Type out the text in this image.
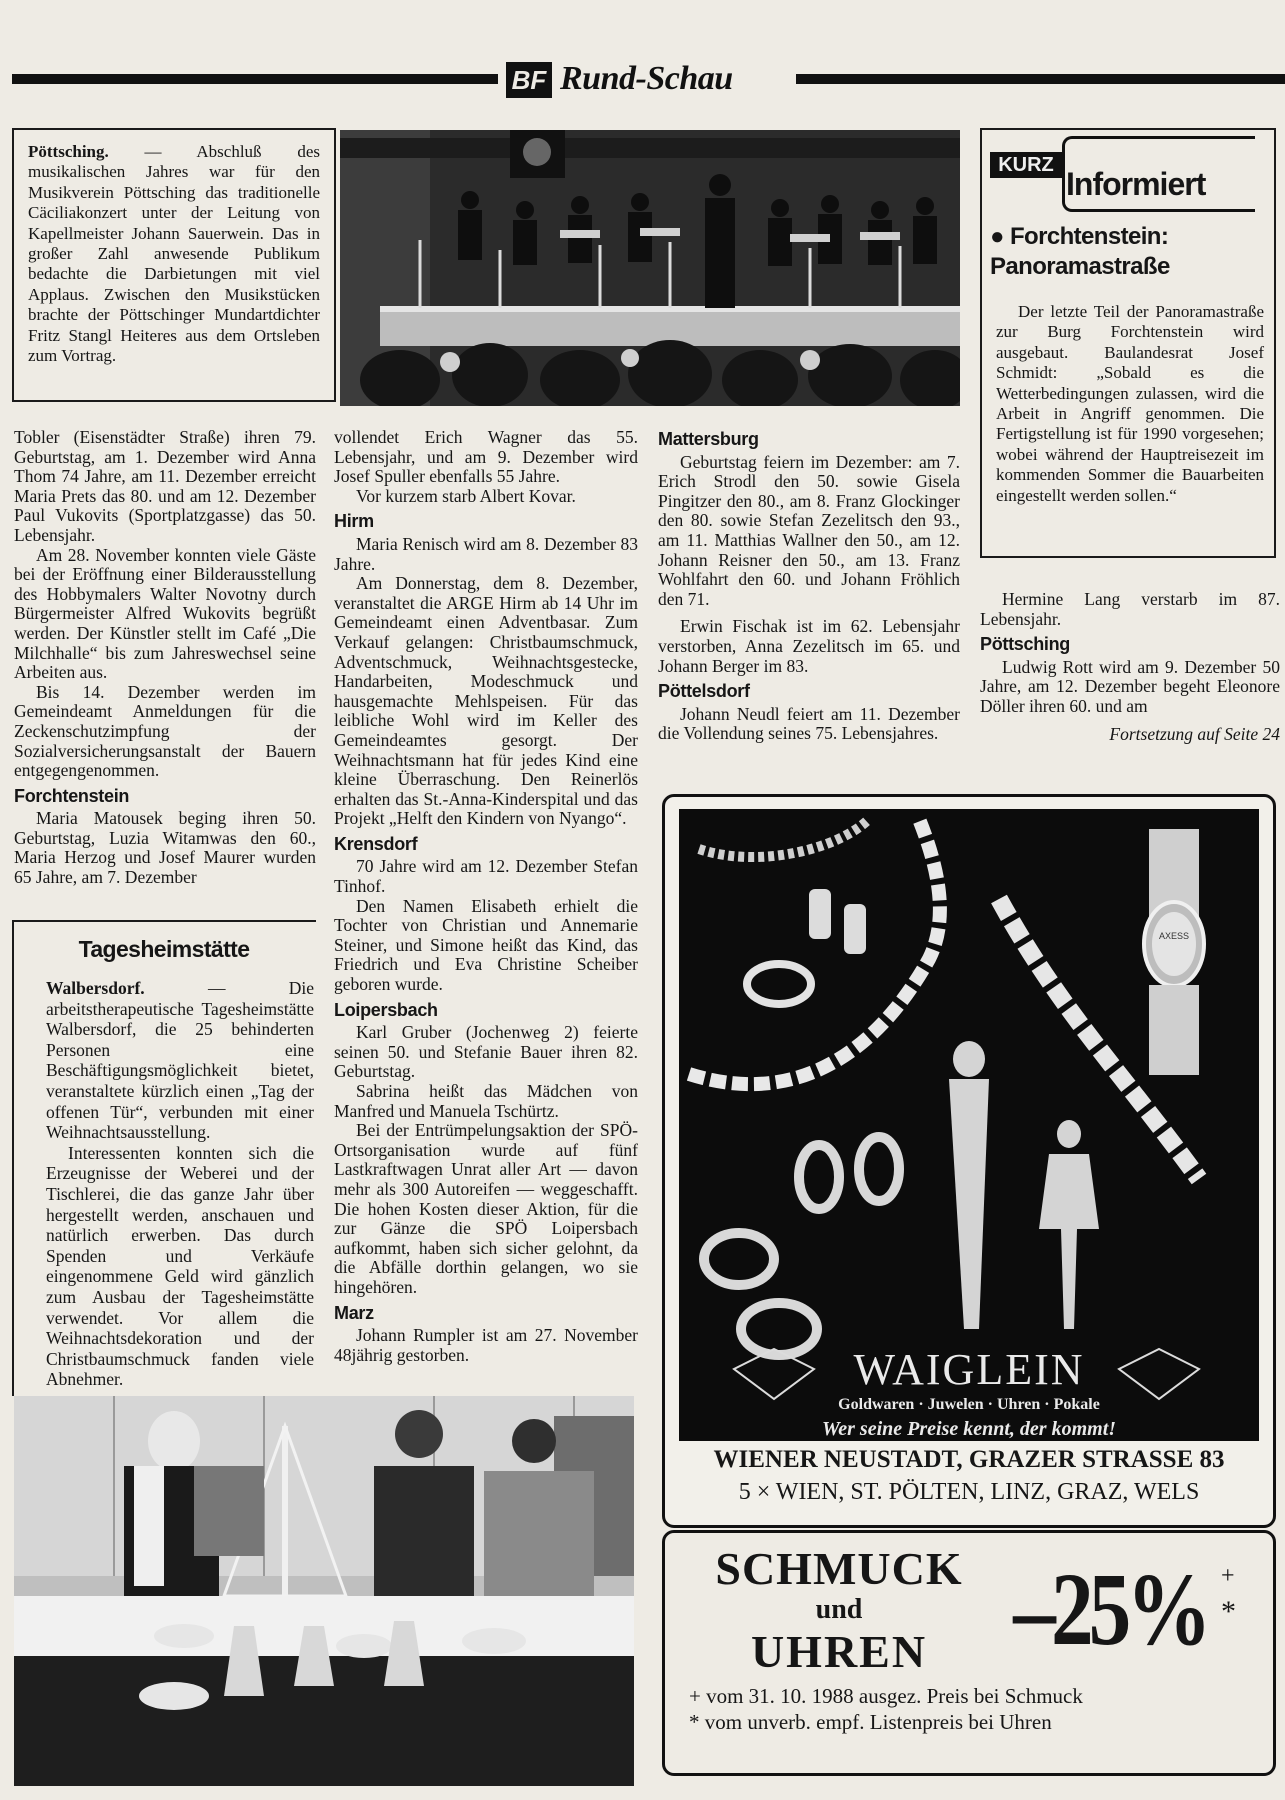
BF Rund-Schau

Pöttsching. — Abschluß des musikalischen Jahres war für den Musikverein Pöttsching das traditionelle Cäciliakonzert unter der Leitung von Kapellmeister Johann Sauerwein. Das in großer Zahl anwesende Publikum bedachte die Darbietungen mit viel Applaus. Zwischen den Musikstücken brachte der Pöttschinger Mundartdichter Fritz Stangl Heiteres aus dem Ortsleben zum Vortrag.

KURZ
Informiert
● Forchtenstein:
Panoramastraße

Der letzte Teil der Panoramastraße zur Burg Forchtenstein wird ausgebaut. Baulandesrat Josef Schmidt: „Sobald es die Wetterbedingungen zulassen, wird die Arbeit in Angriff genommen. Die Fertigstellung ist für 1990 vorgesehen; wobei während der Hauptreisezeit im kommenden Sommer die Bauarbeiten eingestellt werden sollen.“

Tobler (Eisenstädter Straße) ihren 79. Geburtstag, am 1. Dezember wird Anna Thom 74 Jahre, am 11. Dezember erreicht Maria Prets das 80. und am 12. Dezember Paul Vukovits (Sportplatzgasse) das 50. Lebensjahr.

Am 28. November konnten viele Gäste bei der Eröffnung einer Bilderausstellung des Hobbymalers Walter Novotny durch Bürgermeister Alfred Wukovits begrüßt werden. Der Künstler stellt im Café „Die Milchhalle“ bis zum Jahreswechsel seine Arbeiten aus.

Bis 14. Dezember werden im Gemeindeamt Anmeldungen für die Zeckenschutzimpfung der Sozialversicherungsanstalt der Bauern entgegengenommen.

Forchtenstein

Maria Matousek beging ihren 50. Geburtstag, Luzia Witamwas den 60., Maria Herzog und Josef Maurer wurden 65 Jahre, am 7. Dezember

Tagesheimstätte

Walbersdorf. — Die arbeitstherapeutische Tagesheimstätte Walbersdorf, die 25 behinderten Personen eine Beschäftigungsmöglichkeit bietet, veranstaltete kürzlich einen „Tag der offenen Tür“, verbunden mit einer Weihnachtsausstellung.

Interessenten konnten sich die Erzeugnisse der Weberei und der Tischlerei, die das ganze Jahr über hergestellt werden, anschauen und natürlich erwerben. Das durch Spenden und Verkäufe eingenommene Geld wird gänzlich zum Ausbau der Tagesheimstätte verwendet. Vor allem die Weihnachtsdekoration und der Christbaumschmuck fanden viele Abnehmer.

vollendet Erich Wagner das 55. Lebensjahr, und am 9. Dezember wird Josef Spuller ebenfalls 55 Jahre.

Vor kurzem starb Albert Kovar.

Hirm

Maria Renisch wird am 8. Dezember 83 Jahre.

Am Donnerstag, dem 8. Dezember, veranstaltet die ARGE Hirm ab 14 Uhr im Gemeindeamt einen Adventbasar. Zum Verkauf gelangen: Christbaumschmuck, Adventschmuck, Weihnachtsgestecke, Handarbeiten, Modeschmuck und hausgemachte Mehlspeisen. Für das leibliche Wohl wird im Keller des Gemeindeamtes gesorgt. Der Weihnachtsmann hat für jedes Kind eine kleine Überraschung. Den Reinerlös erhalten das St.-Anna-Kinderspital und das Projekt „Helft den Kindern von Nyango“.

Krensdorf

70 Jahre wird am 12. Dezember Stefan Tinhof.

Den Namen Elisabeth erhielt die Tochter von Christian und Annemarie Steiner, und Simone heißt das Kind, das Friedrich und Eva Christine Scheiber geboren wurde.

Loipersbach

Karl Gruber (Jochenweg 2) feierte seinen 50. und Stefanie Bauer ihren 82. Geburtstag.

Sabrina heißt das Mädchen von Manfred und Manuela Tschürtz.

Bei der Entrümpelungsaktion der SPÖ-Ortsorganisation wurde auf fünf Lastkraftwagen Unrat aller Art — davon mehr als 300 Autoreifen — weggeschafft. Die hohen Kosten dieser Aktion, für die zur Gänze die SPÖ Loipersbach aufkommt, haben sich sicher gelohnt, da die Abfälle dorthin gelangen, wo sie hingehören.

Marz

Johann Rumpler ist am 27. November 48jährig gestorben.

Mattersburg

Geburtstag feiern im Dezember: am 7. Erich Strodl den 50. sowie Gisela Pingitzer den 80., am 8. Franz Glockinger den 80. sowie Stefan Zezelitsch den 93., am 11. Matthias Wallner den 50., am 12. Johann Reisner den 50., am 13. Franz Wohlfahrt den 60. und Johann Fröhlich den 71.

Erwin Fischak ist im 62. Lebensjahr verstorben, Anna Zezelitsch im 65. und Johann Berger im 83.

Pöttelsdorf

Johann Neudl feiert am 11. Dezember die Vollendung seines 75. Lebensjahres.

Hermine Lang verstarb im 87. Lebensjahr.

Pöttsching

Ludwig Rott wird am 9. Dezember 50 Jahre, am 12. Dezember begeht Eleonore Döller ihren 60. und am

Fortsetzung auf Seite 24

AXESS
WAIGLEIN
Goldwaren · Juwelen · Uhren · Pokale
Wer seine Preise kennt, der kommt!
WIENER NEUSTADT, GRAZER STRASSE 83
5 × WIEN, ST. PÖLTEN, LINZ, GRAZ, WELS
SCHMUCK
und
UHREN –25% +
*
+ vom 31. 10. 1988 ausgez. Preis bei Schmuck
* vom unverb. empf. Listenpreis bei Uhren
